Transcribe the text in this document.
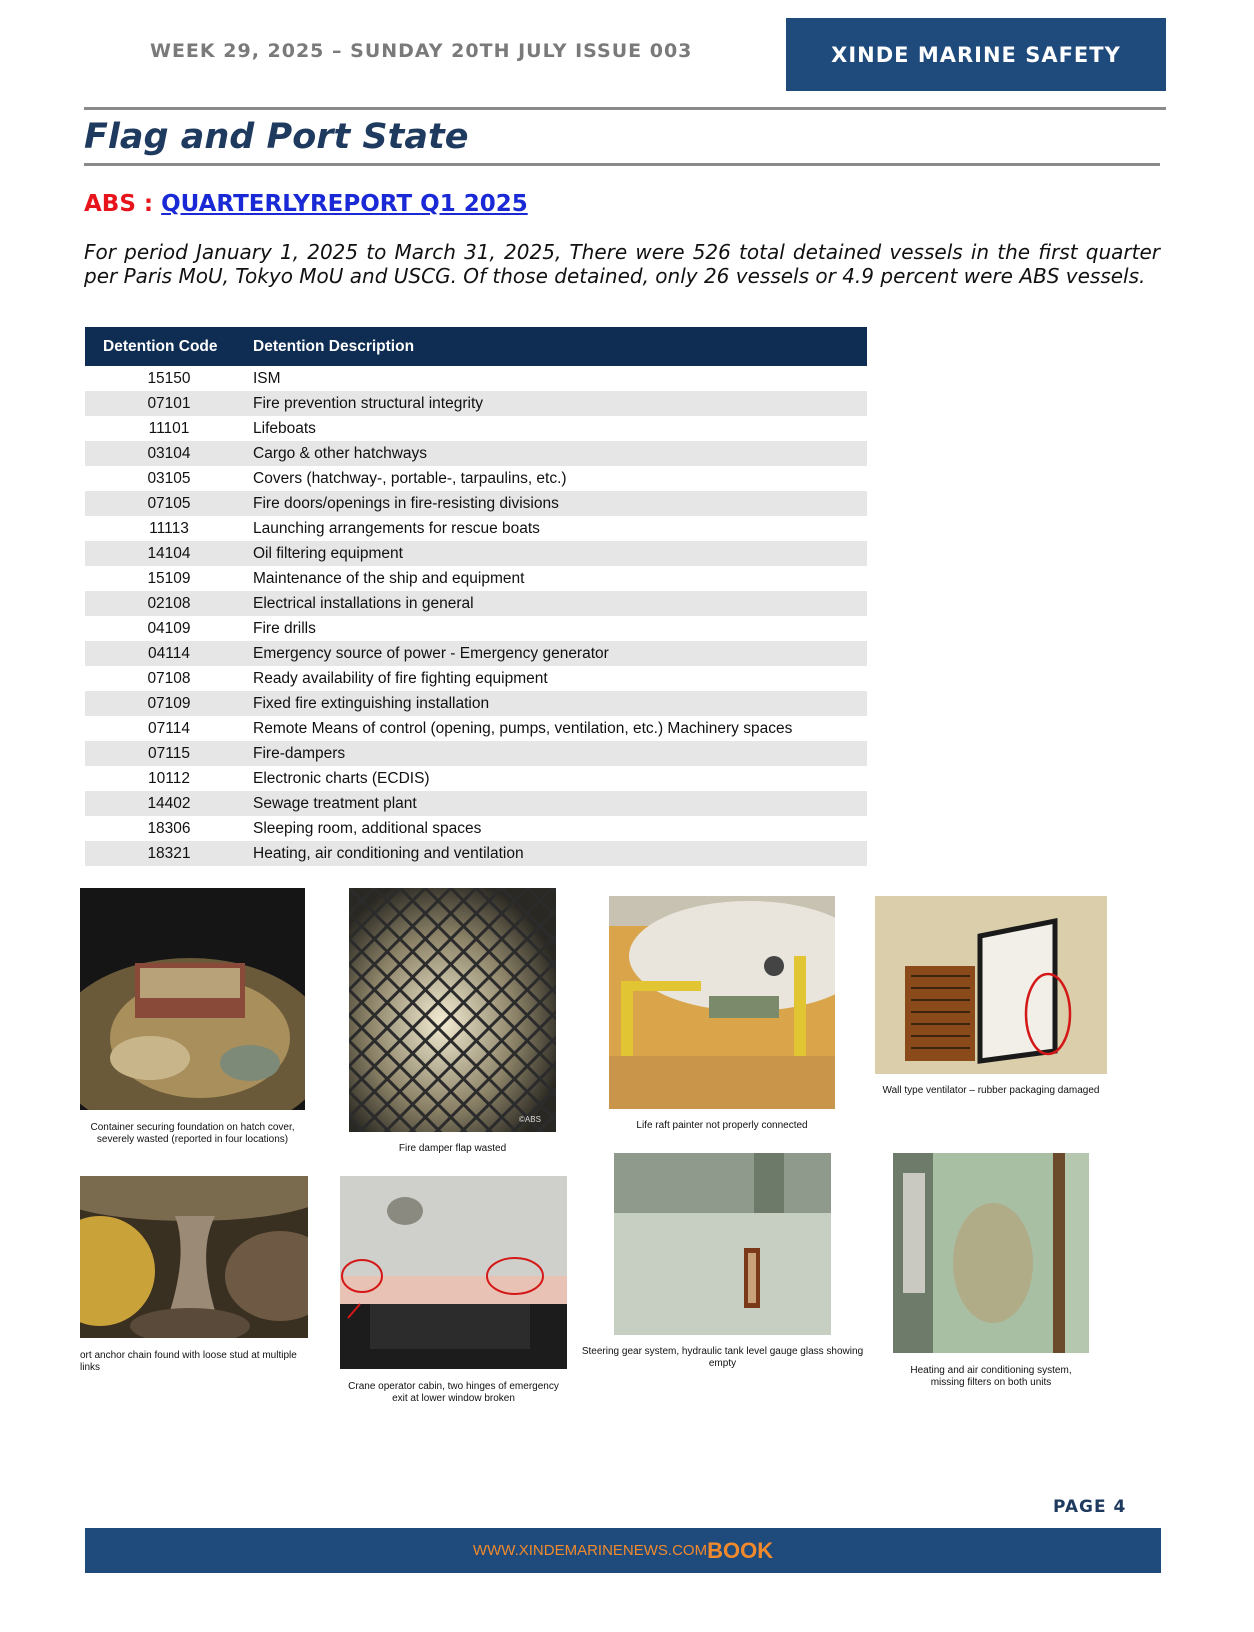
WEEK 29, 2025 – SUNDAY 20TH JULY ISSUE 003	XINDE MARINE SAFETY
Flag and Port State
ABS : QUARTERLYREPORT Q1 2025

For period January 1, 2025 to March 31, 2025, There were 526 total detained vessels in the first quarter per Paris MoU, Tokyo MoU and USCG. Of those detained, only 26 vessels or 4.9 percent were ABS vessels.

Detention Code	Detention Description
15150	ISM
07101	Fire prevention structural integrity
11101	Lifeboats
03104	Cargo & other hatchways
03105	Covers (hatchway-, portable-, tarpaulins, etc.)
07105	Fire doors/openings in fire-resisting divisions
11113	Launching arrangements for rescue boats
14104	Oil filtering equipment
15109	Maintenance of the ship and equipment
02108	Electrical installations in general
04109	Fire drills
04114	Emergency source of power - Emergency generator
07108	Ready availability of fire fighting equipment
07109	Fixed fire extinguishing installation
07114	Remote Means of control (opening, pumps, ventilation, etc.) Machinery spaces
07115	Fire-dampers
10112	Electronic charts (ECDIS)
14402	Sewage treatment plant
18306	Sleeping room, additional spaces
18321	Heating, air conditioning and ventilation
Container securing foundation on hatch cover, severely wasted (reported in four locations)
©ABS
Fire damper flap wasted
Life raft painter not properly connected
Wall type ventilator – rubber packaging damaged
ort anchor chain found with loose stud at multiple links
Crane operator cabin, two hinges of emergency exit at lower window broken
Steering gear system, hydraulic tank level gauge glass showing empty
Heating and air conditioning system, missing filters on both units
PAGE 4
WWW.XINDEMARINENEWS.COM BOOK
